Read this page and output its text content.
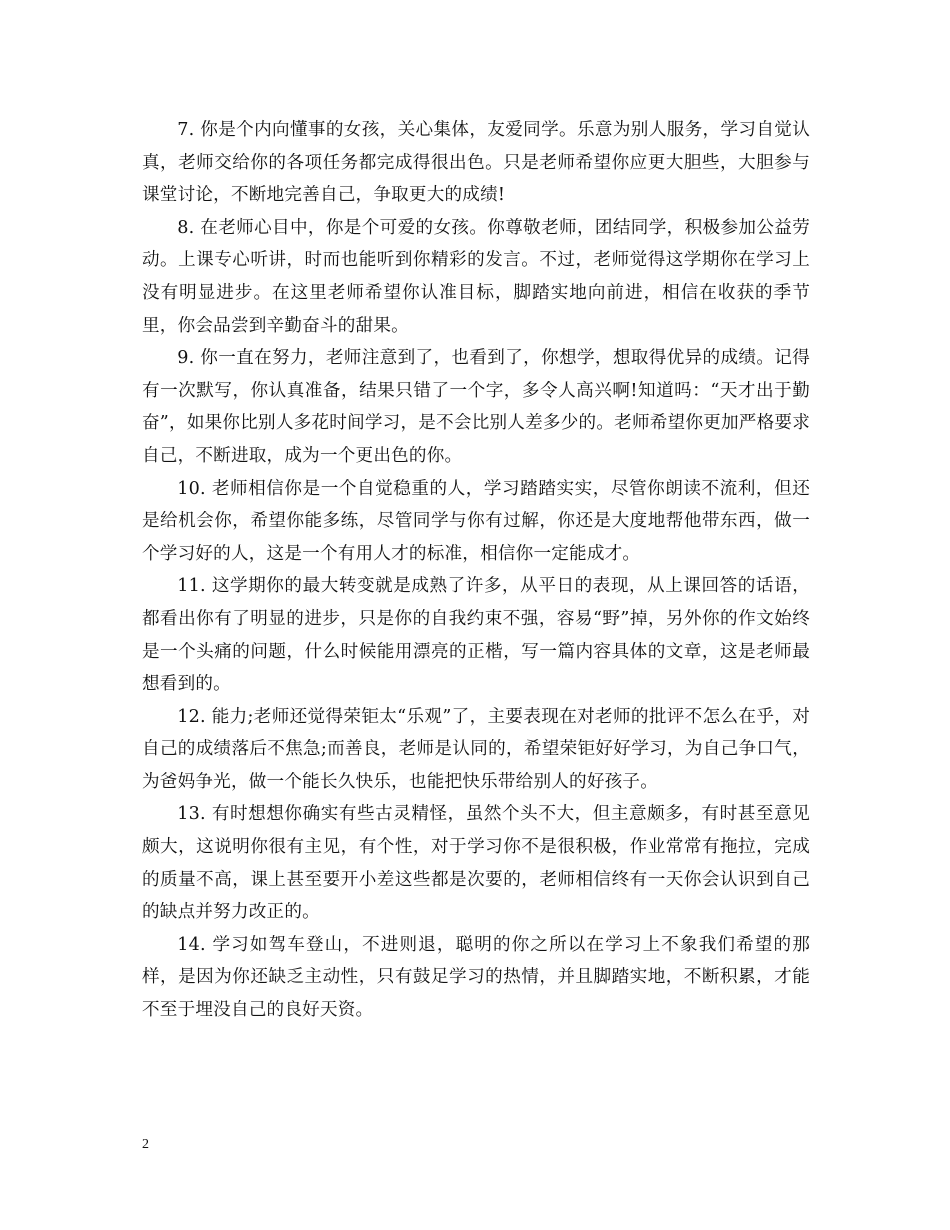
7. 你是个内向懂事的女孩，关心集体，友爱同学。乐意为别人服务，学习自觉认真，老师交给你的各项任务都完成得很出色。只是老师希望你应更大胆些，大胆参与课堂讨论，不断地完善自己，争取更大的成绩!

8. 在老师心目中，你是个可爱的女孩。你尊敬老师，团结同学，积极参加公益劳动。上课专心听讲，时而也能听到你精彩的发言。不过，老师觉得这学期你在学习上没有明显进步。在这里老师希望你认准目标，脚踏实地向前进，相信在收获的季节里，你会品尝到辛勤奋斗的甜果。

9. 你一直在努力，老师注意到了，也看到了，你想学，想取得优异的成绩。记得有一次默写，你认真准备，结果只错了一个字，多令人高兴啊!知道吗：“天才出于勤奋”，如果你比别人多花时间学习，是不会比别人差多少的。老师希望你更加严格要求自己，不断进取，成为一个更出色的你。

10. 老师相信你是一个自觉稳重的人，学习踏踏实实，尽管你朗读不流利，但还是给机会你，希望你能多练，尽管同学与你有过解，你还是大度地帮他带东西，做一个学习好的人，这是一个有用人才的标准，相信你一定能成才。

11. 这学期你的最大转变就是成熟了许多，从平日的表现，从上课回答的话语，都看出你有了明显的进步，只是你的自我约束不强，容易“野”掉，另外你的作文始终是一个头痛的问题，什么时候能用漂亮的正楷，写一篇内容具体的文章，这是老师最想看到的。

12. 能力;老师还觉得荣钜太“乐观”了，主要表现在对老师的批评不怎么在乎，对自己的成绩落后不焦急;而善良，老师是认同的，希望荣钜好好学习，为自己争口气，为爸妈争光，做一个能长久快乐，也能把快乐带给别人的好孩子。

13. 有时想想你确实有些古灵精怪，虽然个头不大，但主意颇多，有时甚至意见颇大，这说明你很有主见，有个性，对于学习你不是很积极，作业常常有拖拉，完成的质量不高，课上甚至要开小差这些都是次要的，老师相信终有一天你会认识到自己的缺点并努力改正的。

14. 学习如驾车登山，不进则退，聪明的你之所以在学习上不象我们希望的那样，是因为你还缺乏主动性，只有鼓足学习的热情，并且脚踏实地，不断积累，才能不至于埋没自己的良好天资。

2
